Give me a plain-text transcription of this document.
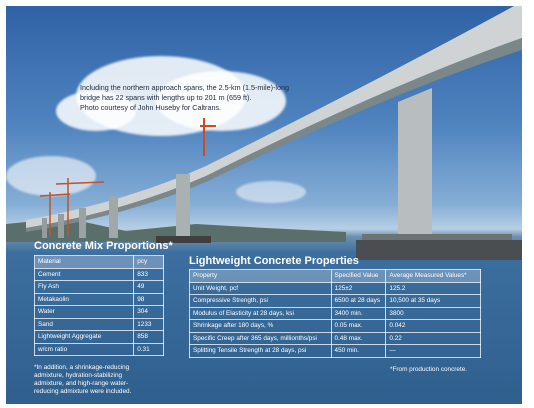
Including the northern approach spans, the 2.5-km (1.5-mile)-long
bridge has 22 spans with lengths up to 201 m (659 ft).
Photo courtesy of John Huseby for Caltrans.
Concrete Mix Proportions*
Material	pcy
Cement	833
Fly Ash	49
Metakaolin	98
Water	304
Sand	1233
Lightweight Aggregate	858
w/cm ratio	0.31
*In addition, a shrinkage-reducing
admixture, hydration-stabilizing
admixture, and high-range water-
reducing admixture were included.
Lightweight Concrete Properties
Property	Specified Value	Average Measured Values*
Unit Weight, pcf	125±2	125.2
Compressive Strength, psi	6500 at 28 days	10,500 at 35 days
Modulus of Elasticity at 28 days, ksi	3400 min.	3800
Shrinkage after 180 days, %	0.05 max.	0.042
Specific Creep after 365 days, millionths/psi	0.48 max.	0.22
Splitting Tensile Strength at 28 days, psi	450 min.	—
*From production concrete.
